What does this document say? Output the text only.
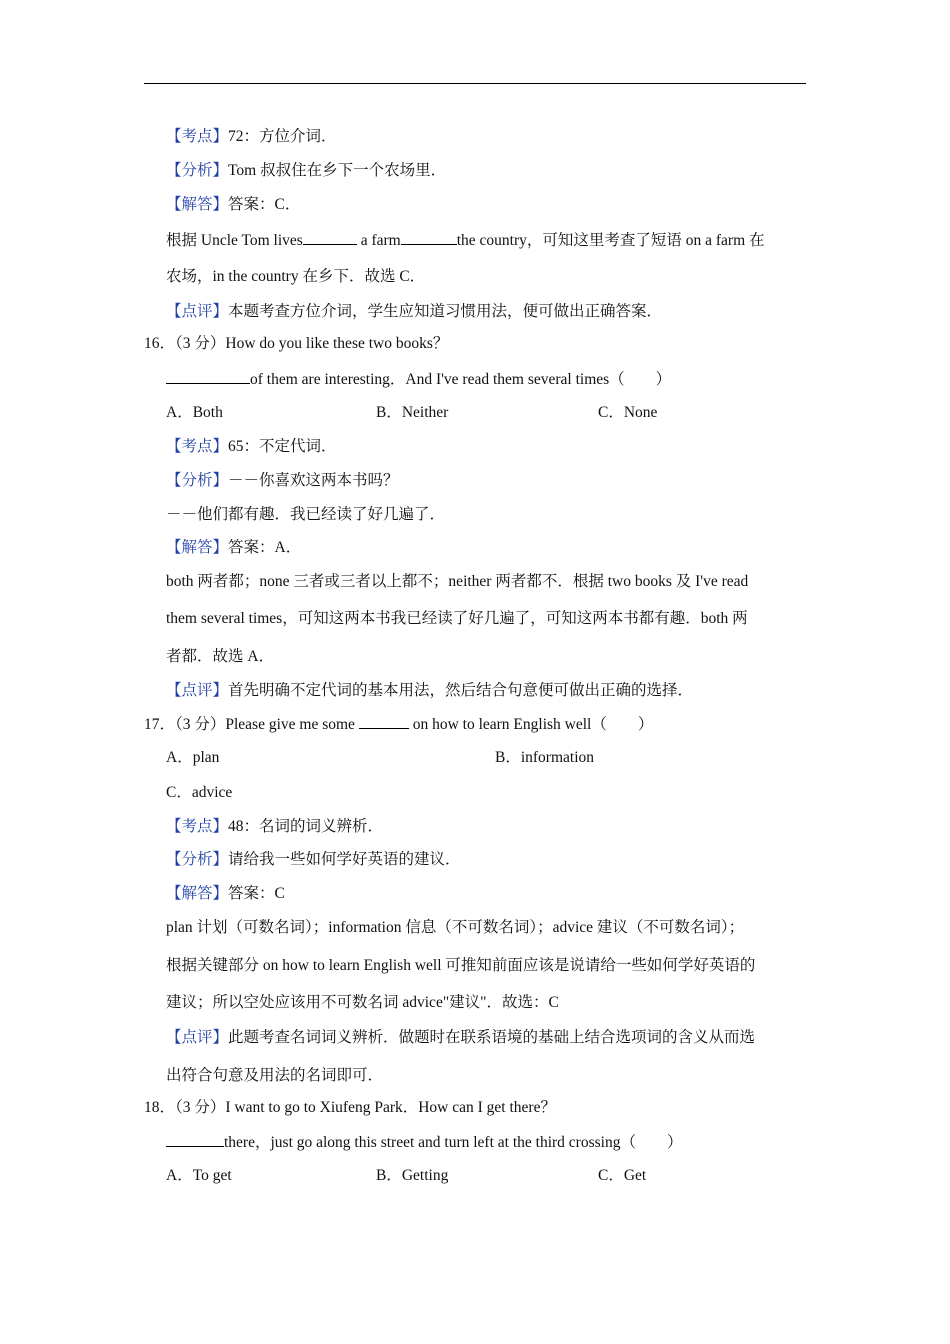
【考点】72：方位介词．
【分析】Tom 叔叔住在乡下一个农场里．
【解答】答案：C．
根据 Uncle Tom lives	a farm	the country，可知这里考查了短语 on a farm 在
农场，in the country 在乡下．故选 C．
【点评】本题考查方位介词，学生应知道习惯用法，便可做出正确答案．
16．（3 分）How do you like these two books？
of them are interesting．And I've read them several times（　　）
A．Both	B．Neither	C．None
【考点】65：不定代词．
【分析】－－你喜欢这两本书吗？
－－他们都有趣．我已经读了好几遍了．
【解答】答案：A．
both 两者都；none 三者或三者以上都不；neither 两者都不．根据 two books 及 I've read
them several times，可知这两本书我已经读了好几遍了，可知这两本书都有趣．both 两
者都．故选 A．
【点评】首先明确不定代词的基本用法，然后结合句意便可做出正确的选择．
17．（3 分）Please give me some	on how to learn English well（　　）
A．plan	B．information
C．advice
【考点】48：名词的词义辨析．
【分析】请给我一些如何学好英语的建议．
【解答】答案：C
plan 计划（可数名词）；information 信息（不可数名词）；advice 建议（不可数名词）；
根据关键部分 on how to learn English well 可推知前面应该是说请给一些如何学好英语的
建议；所以空处应该用不可数名词 advice"建议"．故选：C
【点评】此题考查名词词义辨析．做题时在联系语境的基础上结合选项词的含义从而选
出符合句意及用法的名词即可．
18．（3 分）I want to go to Xiufeng Park．How can I get there？
there，just go along this street and turn left at the third crossing（　　）
A．To get	B．Getting	C．Get
